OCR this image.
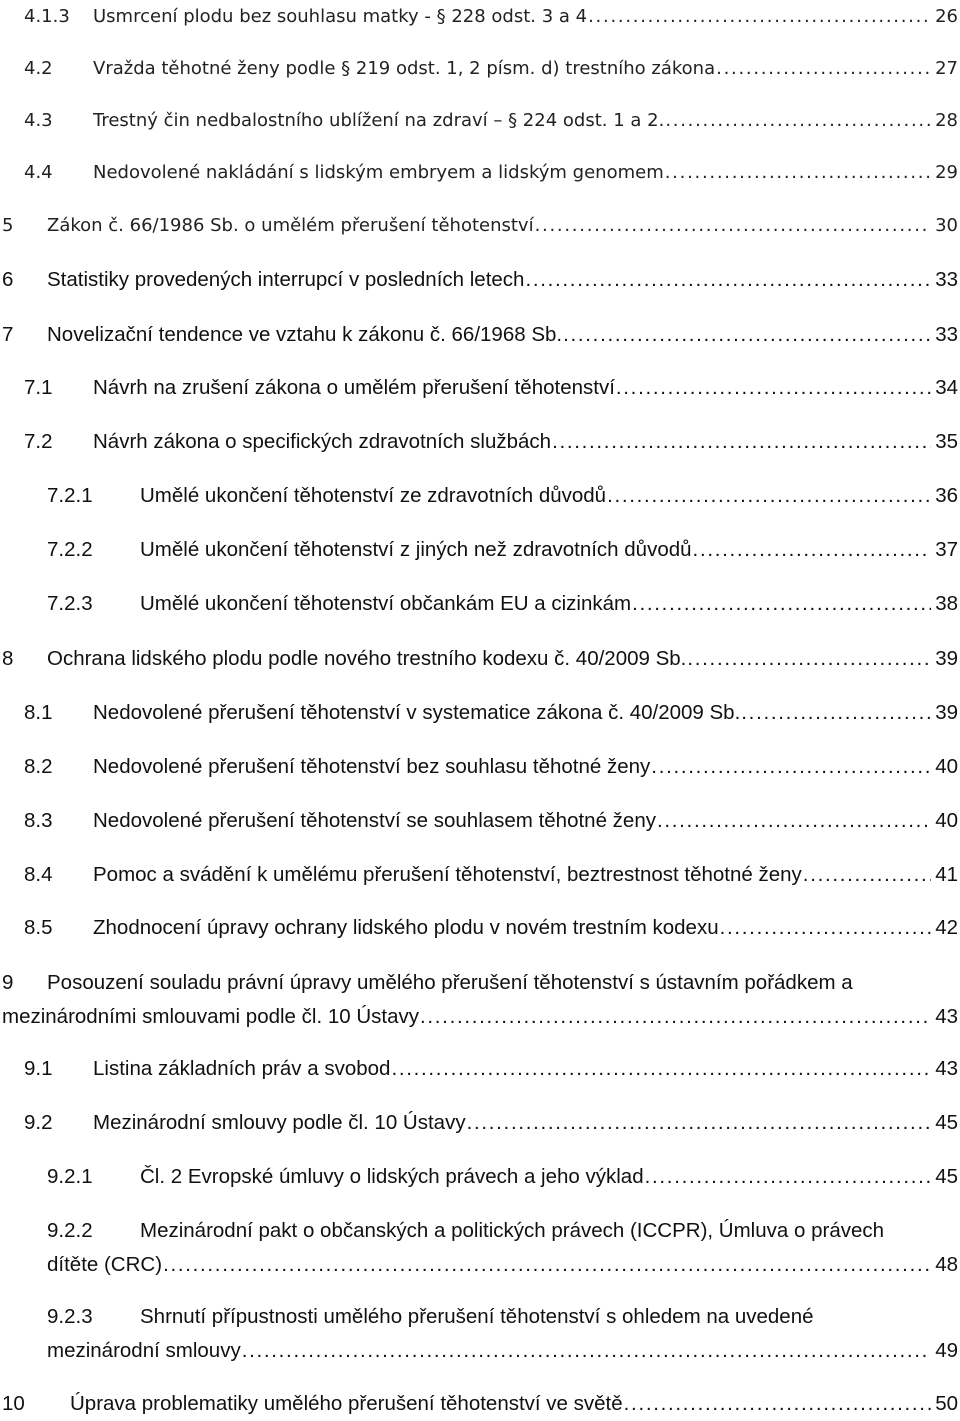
4.1.3 Usmrcení plodu bez souhlasu matky - § 228 odst. 3 a 4 . . .	26
4.2 Vražda těhotné ženy podle § 219 odst. 1, 2 písm. d) trestního zákona . . .	27
4.3 Trestný čin nedbalostního ublížení na zdraví – § 224 odst. 1 a 2. . . .	28
4.4 Nedovolené nakládání s lidským embryem a lidským genomem . . .	29
5 Zákon č. 66/1986 Sb. o umělém přerušení těhotenství . . .	30
6 Statistiky provedených interrupcí v posledních letech . . .	33
7 Novelizační tendence ve vztahu k zákonu č. 66/1968 Sb. . . .	33
7.1 Návrh na zrušení zákona o umělém přerušení těhotenství . . .	34
7.2 Návrh zákona o specifických zdravotních službách . . .	35
7.2.1 Umělé ukončení těhotenství ze zdravotních důvodů . . .	36
7.2.2 Umělé ukončení těhotenství z jiných než zdravotních důvodů . . .	37
7.2.3 Umělé ukončení těhotenství občankám EU a cizinkám . . .	38
8 Ochrana lidského plodu podle nového trestního kodexu č. 40/2009 Sb. . . .	39
8.1 Nedovolené přerušení těhotenství v systematice zákona č. 40/2009 Sb. . . .	39
8.2 Nedovolené přerušení těhotenství bez souhlasu těhotné ženy . . .	40
8.3 Nedovolené přerušení těhotenství se souhlasem těhotné ženy . . .	40
8.4 Pomoc a svádění k umělému přerušení těhotenství, beztrestnost těhotné ženy . . .	41
8.5 Zhodnocení úpravy ochrany lidského plodu v novém trestním kodexu . . .	42
9 Posouzení souladu právní úpravy umělého přerušení těhotenství s ústavním pořádkem a
mezinárodními smlouvami podle čl. 10 Ústavy . . .	43
9.1 Listina základních práv a svobod . . .	43
9.2 Mezinárodní smlouvy podle čl. 10 Ústavy . . .	45
9.2.1 Čl. 2 Evropské úmluvy o lidských právech a jeho výklad . . .	45
9.2.2 Mezinárodní pakt o občanských a politických právech (ICCPR), Úmluva o právech
dítěte (CRC) . . .	48
9.2.3 Shrnutí přípustnosti umělého přerušení těhotenství s ohledem na uvedené
mezinárodní smlouvy . . .	49
10 Úprava problematiky umělého přerušení těhotenství ve světě . . .	50
